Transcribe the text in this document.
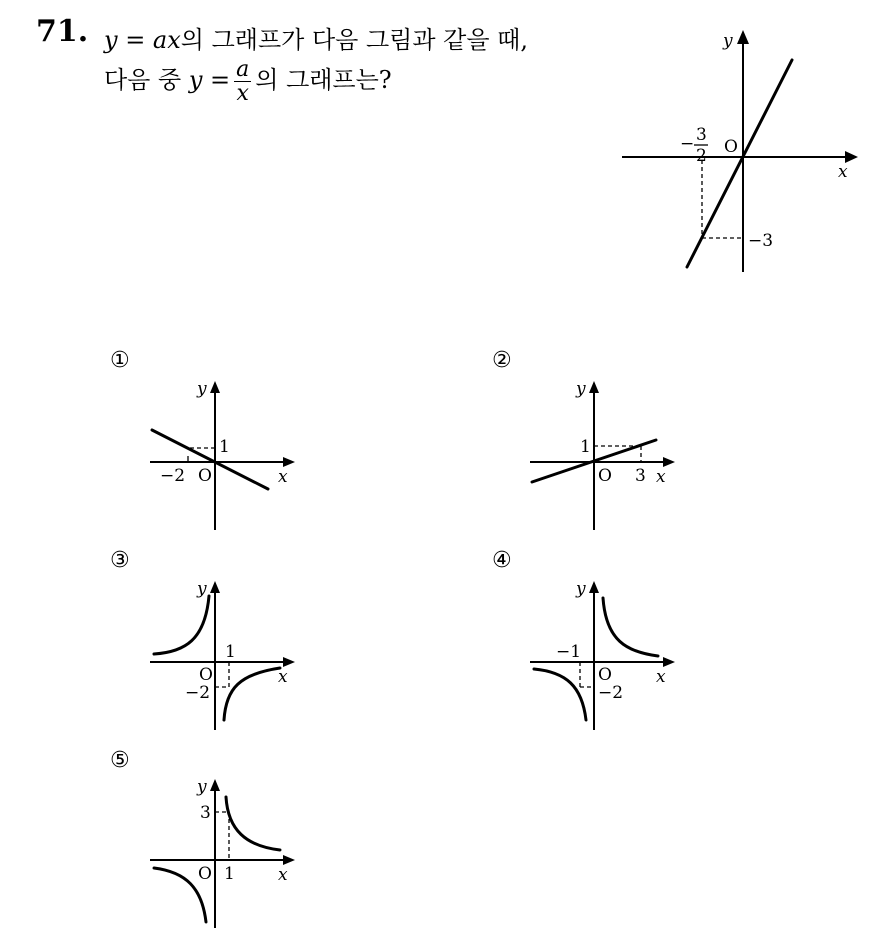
71. y = ax의 그래프가 다음 그림과 같을 때,
다음 중 $y = \frac{a}{x}$ 의 그래프는?
y
x
O
− 3
2
−3
①	②
③	④
⑤
y
x
O
−2
1
y
x
O
1
3
y
x
O
1
−2
y
x
O
−1
−2
y
x
O
3
1
